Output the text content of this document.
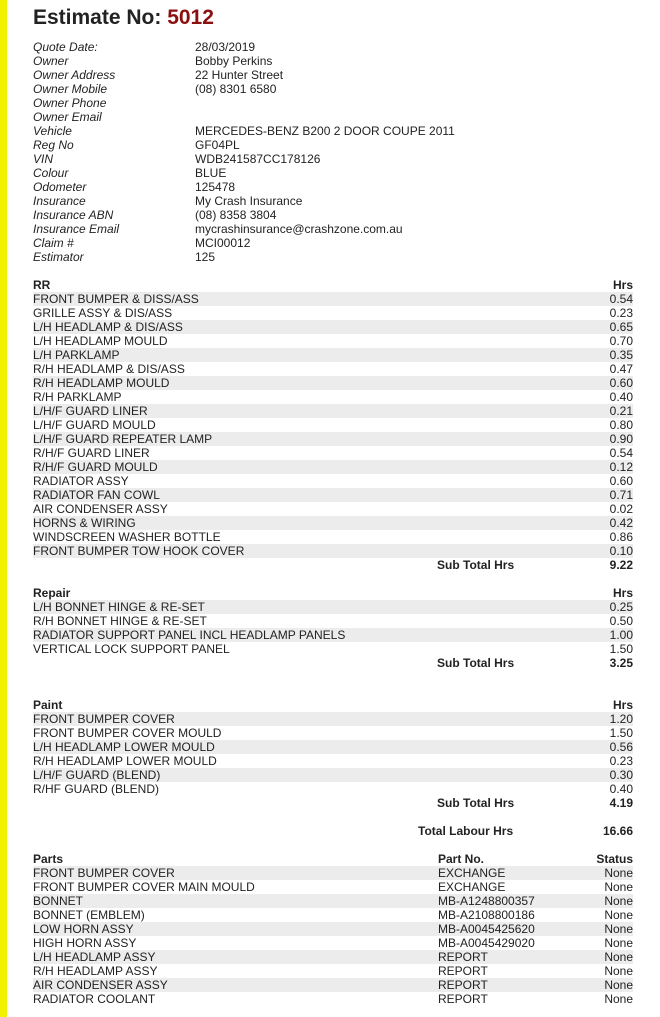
Estimate No: 5012
Quote Date:	28/03/2019
Owner	Bobby Perkins
Owner Address	22 Hunter Street
Owner Mobile	(08) 8301 6580
Owner Phone
Owner Email
Vehicle	MERCEDES-BENZ B200 2 DOOR COUPE 2011
Reg No	GF04PL
VIN	WDB241587CC178126
Colour	BLUE
Odometer	125478
Insurance	My Crash Insurance
Insurance ABN	(08) 8358 3804
Insurance Email	mycrashinsurance@crashzone.com.au
Claim #	MCI00012
Estimator	125
RR	Hrs
FRONT BUMPER & DISS/ASS	0.54
GRILLE ASSY & DIS/ASS	0.23
L/H HEADLAMP & DIS/ASS	0.65
L/H HEADLAMP MOULD	0.70
L/H PARKLAMP	0.35
R/H HEADLAMP & DIS/ASS	0.47
R/H HEADLAMP MOULD	0.60
R/H PARKLAMP	0.40
L/H/F GUARD LINER	0.21
L/H/F GUARD MOULD	0.80
L/H/F GUARD REPEATER LAMP	0.90
R/H/F GUARD LINER	0.54
R/H/F GUARD MOULD	0.12
RADIATOR ASSY	0.60
RADIATOR FAN COWL	0.71
AIR CONDENSER ASSY	0.02
HORNS & WIRING	0.42
WINDSCREEN WASHER BOTTLE	0.86
FRONT BUMPER TOW HOOK COVER	0.10
Sub Total Hrs	9.22
Repair	Hrs
L/H BONNET HINGE & RE-SET	0.25
R/H BONNET HINGE & RE-SET	0.50
RADIATOR SUPPORT PANEL INCL HEADLAMP PANELS	1.00
VERTICAL LOCK SUPPORT PANEL	1.50
Sub Total Hrs	3.25
Paint	Hrs
FRONT BUMPER COVER	1.20
FRONT BUMPER COVER MOULD	1.50
L/H HEADLAMP LOWER MOULD	0.56
R/H HEADLAMP LOWER MOULD	0.23
L/H/F GUARD (BLEND)	0.30
R/HF GUARD (BLEND)	0.40
Sub Total Hrs	4.19
Total Labour Hrs	16.66
Parts	Part No.	Status
FRONT BUMPER COVER	EXCHANGE	None
FRONT BUMPER COVER MAIN MOULD	EXCHANGE	None
BONNET	MB-A1248800357	None
BONNET (EMBLEM)	MB-A2108800186	None
LOW HORN ASSY	MB-A0045425620	None
HIGH HORN ASSY	MB-A0045429020	None
L/H HEADLAMP ASSY	REPORT	None
R/H HEADLAMP ASSY	REPORT	None
AIR CONDENSER ASSY	REPORT	None
RADIATOR COOLANT	REPORT	None
